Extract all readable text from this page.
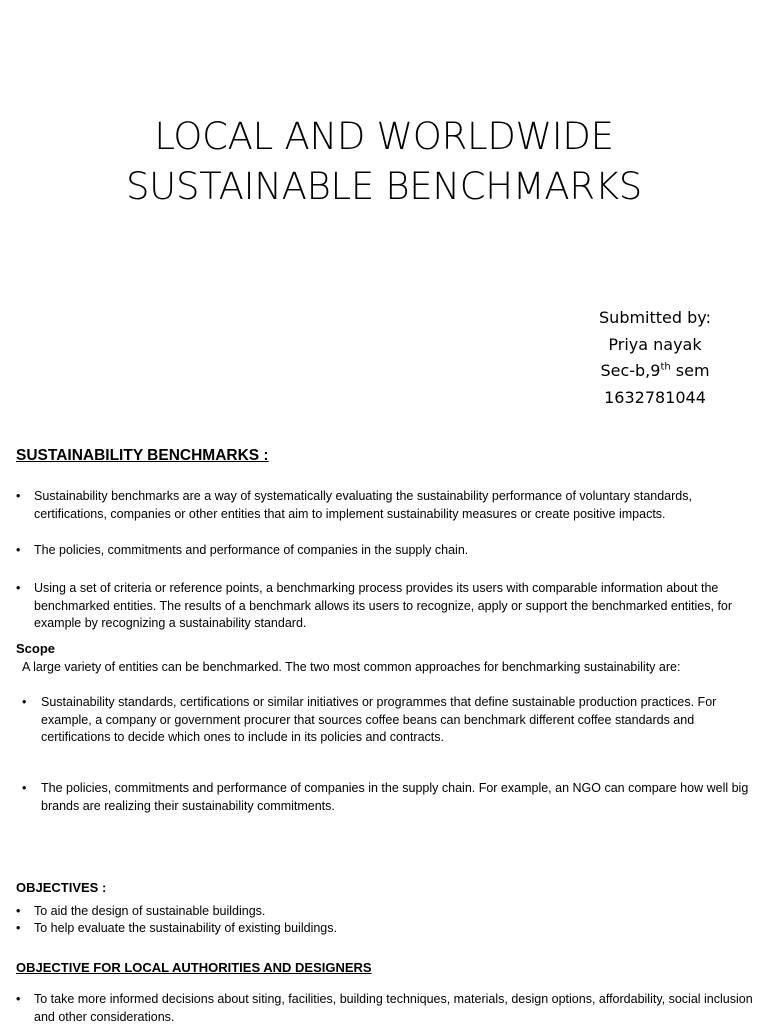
LOCAL AND WORLDWIDE
SUSTAINABLE BENCHMARKS
Submitted by:
Priya nayak
Sec-b,9th sem
1632781044
SUSTAINABILITY BENCHMARKS :
•	Sustainability benchmarks are a way of systematically evaluating the sustainability performance of voluntary standards, certifications, companies or other entities that aim to implement sustainability measures or create positive impacts.
•	The policies, commitments and performance of companies in the supply chain.
•	Using a set of criteria or reference points, a benchmarking process provides its users with comparable information about the benchmarked entities. The results of a benchmark allows its users to recognize, apply or support the benchmarked entities, for example by recognizing a sustainability standard.
Scope

A large variety of entities can be benchmarked. The two most common approaches for benchmarking sustainability are:

•	Sustainability standards, certifications or similar initiatives or programmes that define sustainable production practices. For example, a company or government procurer that sources coffee beans can benchmark different coffee standards and certifications to decide which ones to include in its policies and contracts.
•	The policies, commitments and performance of companies in the supply chain. For example, an NGO can compare how well big brands are realizing their sustainability commitments.
OBJECTIVES :
•	To aid the design of sustainable buildings.
•	To help evaluate the sustainability of existing buildings.
OBJECTIVE FOR LOCAL AUTHORITIES AND DESIGNERS
•	To take more informed decisions about siting, facilities, building techniques, materials, design options, affordability, social inclusion and other considerations.
